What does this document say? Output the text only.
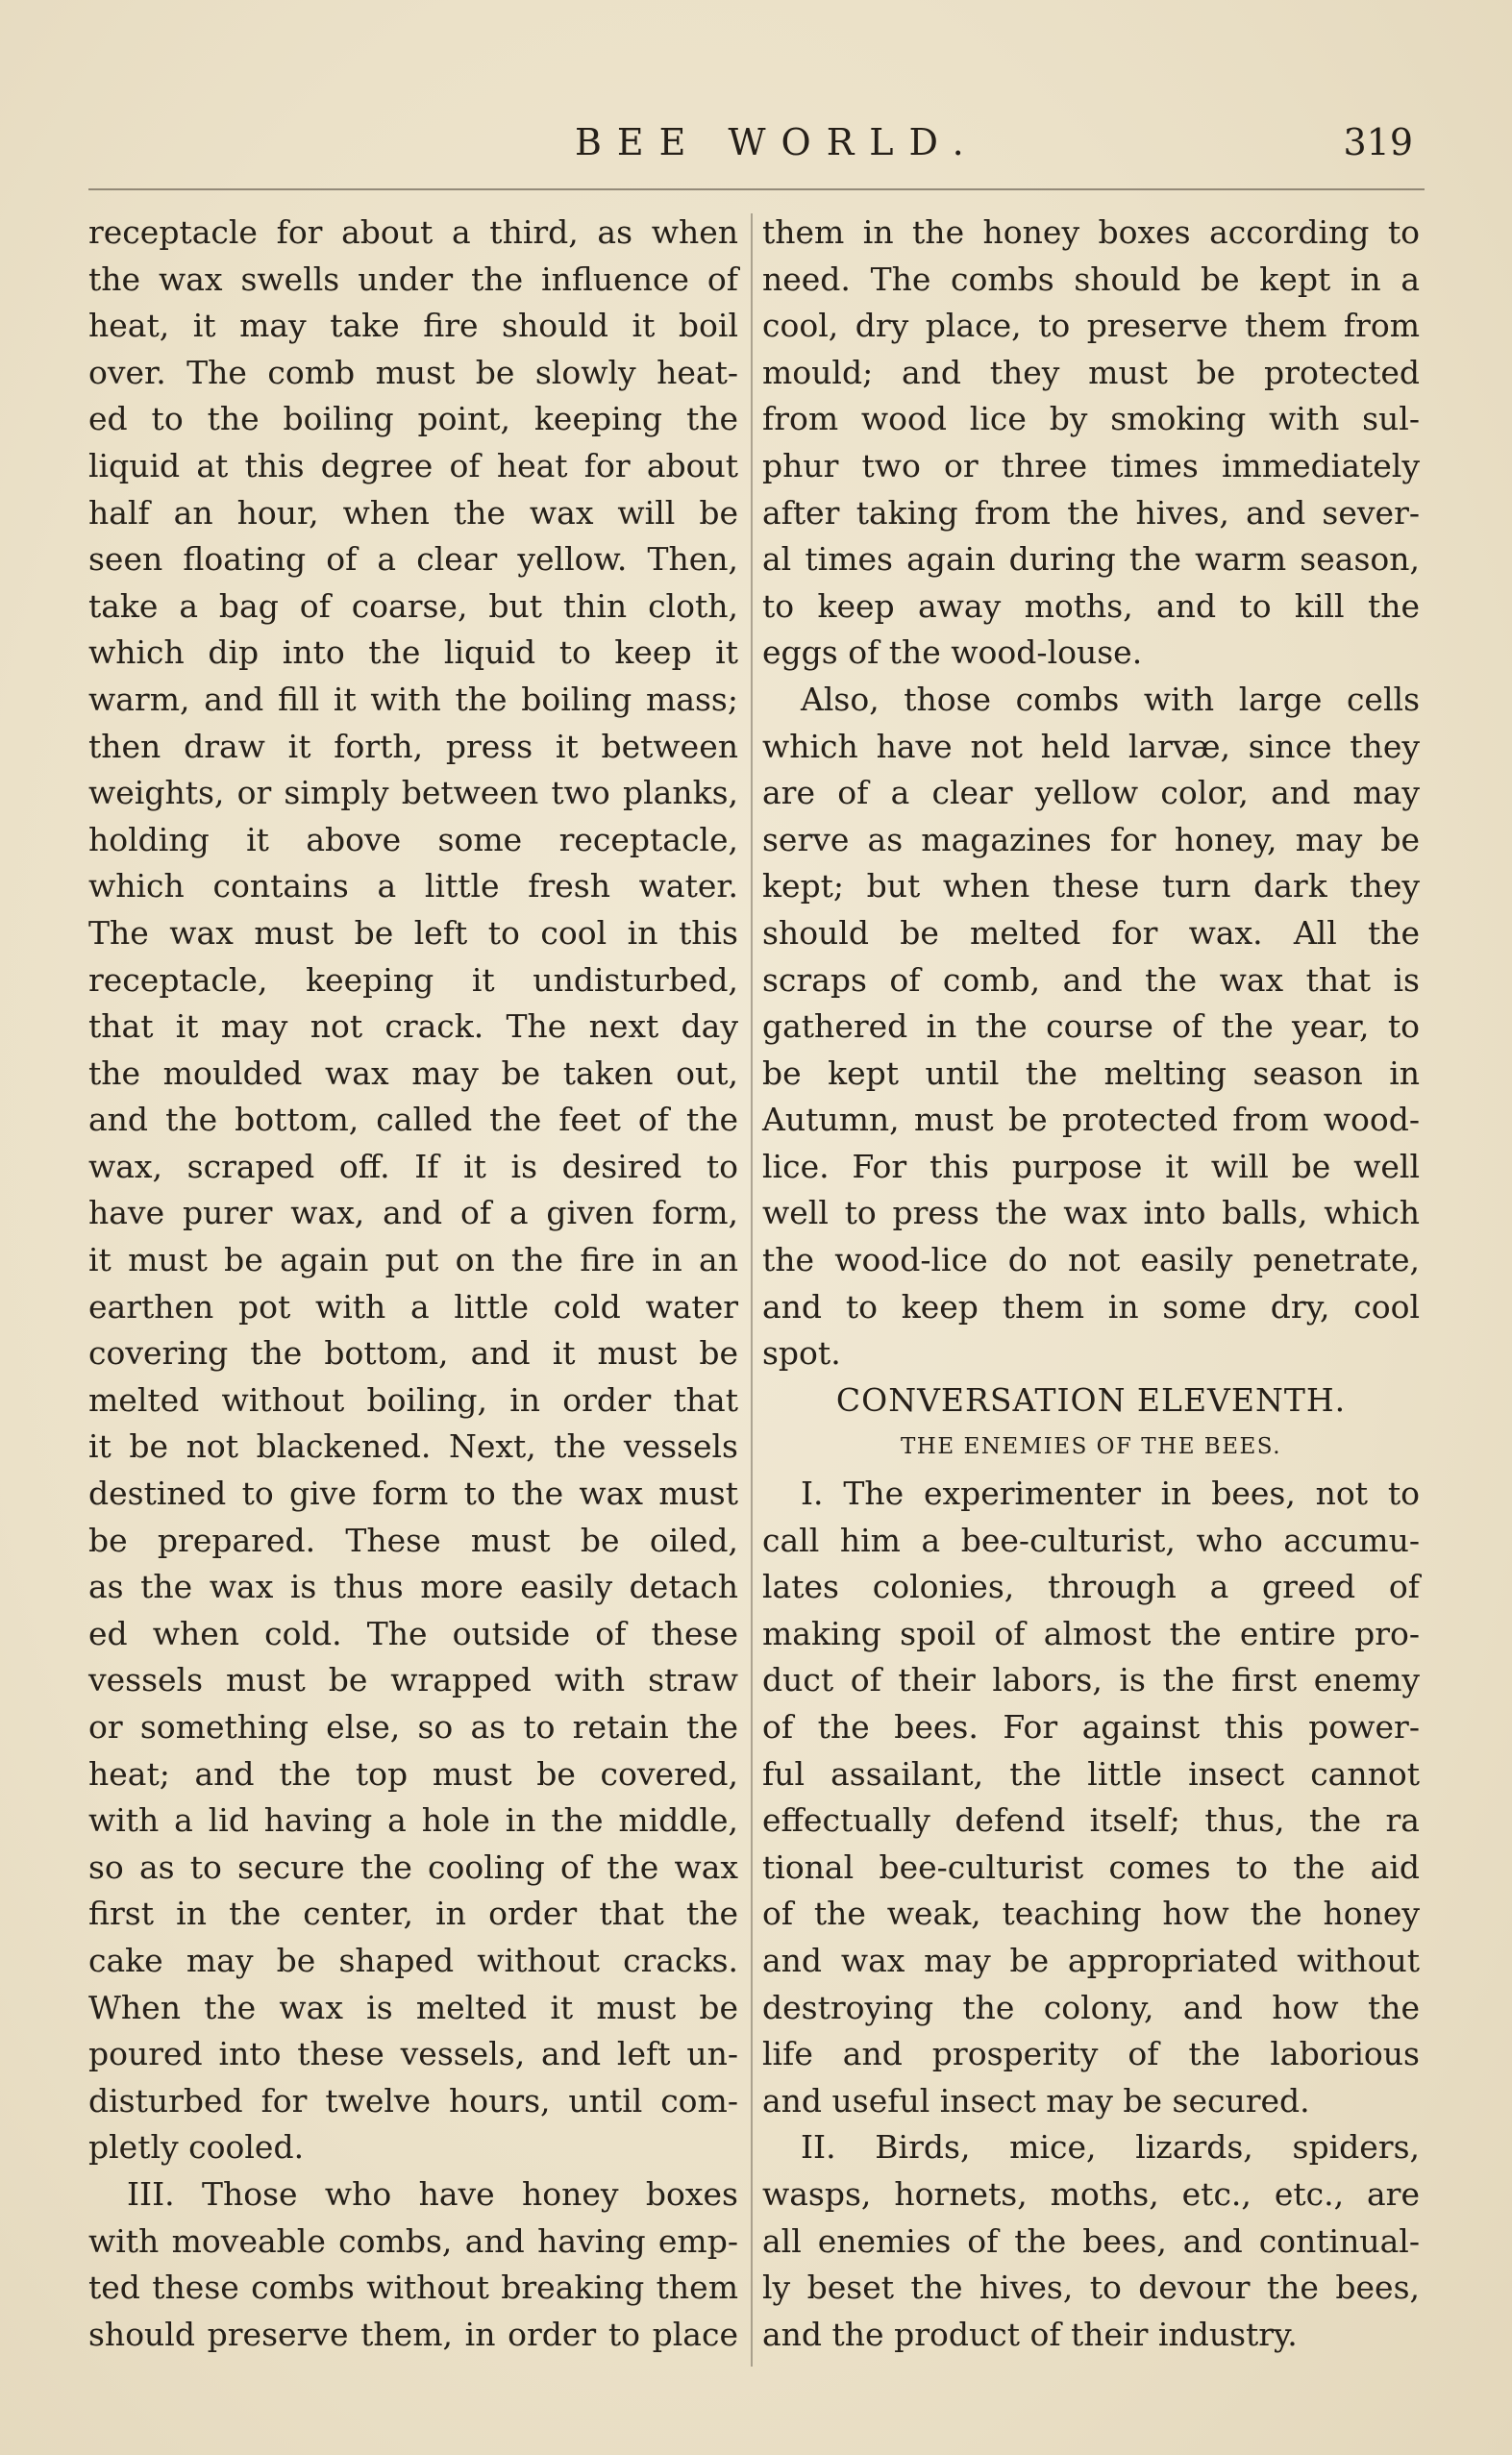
BEE WORLD.	319
receptacle for about a third, as when
the wax swells under the influence of
heat, it may take fire should it boil
over. The comb must be slowly heat-
ed to the boiling point, keeping the
liquid at this degree of heat for about
half an hour, when the wax will be
seen floating of a clear yellow. Then,
take a bag of coarse, but thin cloth,
which dip into the liquid to keep it
warm, and fill it with the boiling mass;
then draw it forth, press it between
weights, or simply between two planks,
holding it above some receptacle,
which contains a little fresh water.
The wax must be left to cool in this
receptacle, keeping it undisturbed,
that it may not crack. The next day
the moulded wax may be taken out,
and the bottom, called the feet of the
wax, scraped off. If it is desired to
have purer wax, and of a given form,
it must be again put on the fire in an
earthen pot with a little cold water
covering the bottom, and it must be
melted without boiling, in order that
it be not blackened. Next, the vessels
destined to give form to the wax must
be prepared. These must be oiled,
as the wax is thus more easily detach
ed when cold. The outside of these
vessels must be wrapped with straw
or something else, so as to retain the
heat; and the top must be covered,
with a lid having a hole in the middle,
so as to secure the cooling of the wax
first in the center, in order that the
cake may be shaped without cracks.
When the wax is melted it must be
poured into these vessels, and left un-
disturbed for twelve hours, until com-
pletly cooled.
III. Those who have honey boxes
with moveable combs, and having emp-
ted these combs without breaking them
should preserve them, in order to place
them in the honey boxes according to
need. The combs should be kept in a
cool, dry place, to preserve them from
mould; and they must be protected
from wood lice by smoking with sul-
phur two or three times immediately
after taking from the hives, and sever-
al times again during the warm season,
to keep away moths, and to kill the
eggs of the wood-louse.
Also, those combs with large cells
which have not held larvæ, since they
are of a clear yellow color, and may
serve as magazines for honey, may be
kept; but when these turn dark they
should be melted for wax. All the
scraps of comb, and the wax that is
gathered in the course of the year, to
be kept until the melting season in
Autumn, must be protected from wood-
lice. For this purpose it will be well
well to press the wax into balls, which
the wood-lice do not easily penetrate,
and to keep them in some dry, cool
spot.
CONVERSATION ELEVENTH.
THE ENEMIES OF THE BEES.
I. The experimenter in bees, not to
call him a bee-culturist, who accumu-
lates colonies, through a greed of
making spoil of almost the entire pro-
duct of their labors, is the first enemy
of the bees. For against this power-
ful assailant, the little insect cannot
effectually defend itself; thus, the ra
tional bee-culturist comes to the aid
of the weak, teaching how the honey
and wax may be appropriated without
destroying the colony, and how the
life and prosperity of the laborious
and useful insect may be secured.
II. Birds, mice, lizards, spiders,
wasps, hornets, moths, etc., etc., are
all enemies of the bees, and continual-
ly beset the hives, to devour the bees,
and the product of their industry.
